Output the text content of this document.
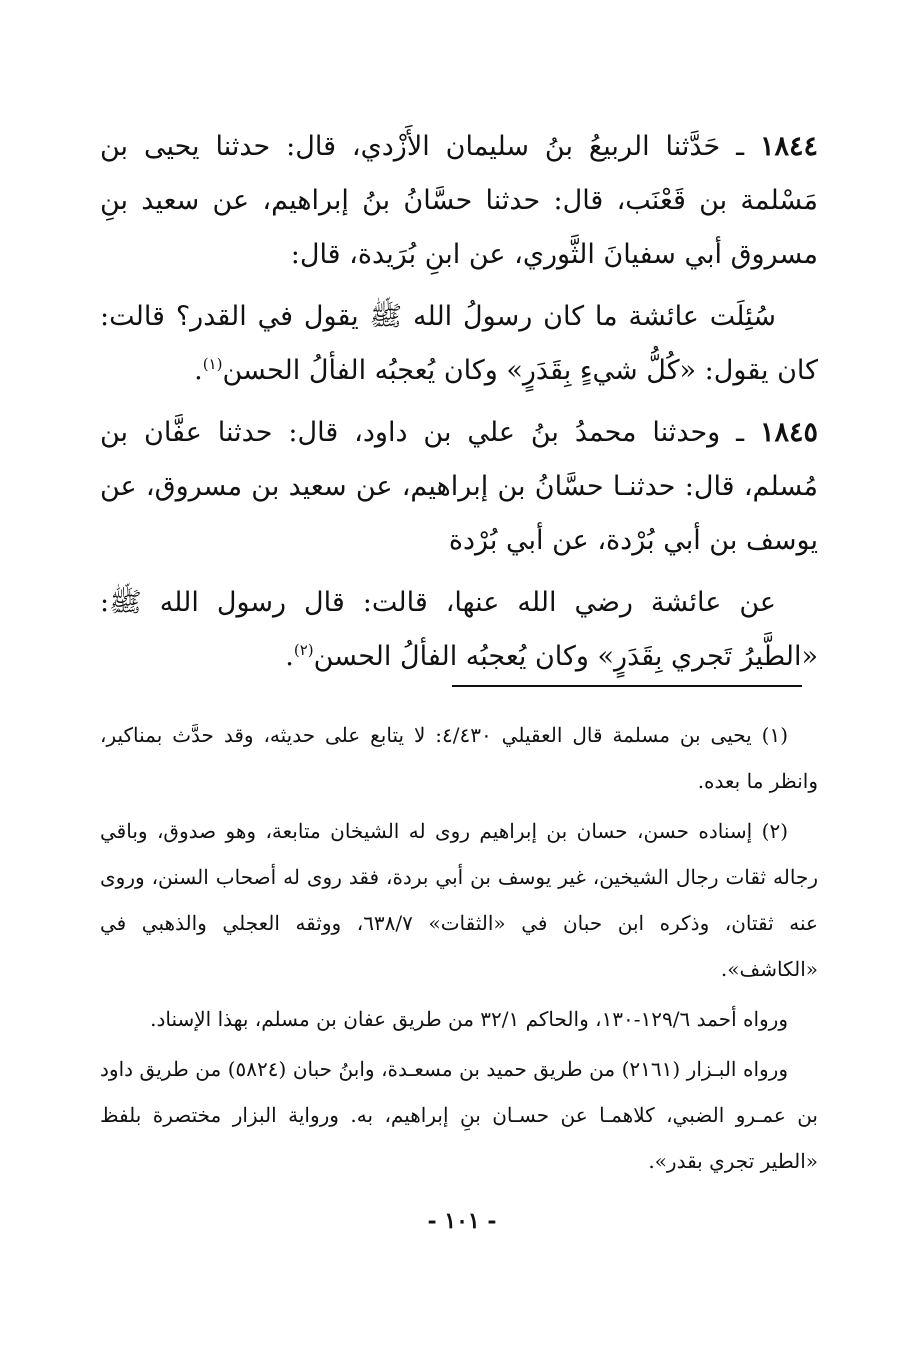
١٨٤٤ ـ حَدَّثنا الربيعُ بنُ سليمان الأَزْدي، قال: حدثنا يحيى بن مَسْلمة بن قَعْنَب، قال: حدثنا حسَّانُ بنُ إبراهيم، عن سعيد بنِ مسروق أبي سفيانَ الثَّوري، عن ابنِ بُرَيدة، قال:

سُئِلَت عائشة ما كان رسولُ الله ﷺ يقول في القدر؟ قالت: كان يقول: «كُلُّ شيءٍ بِقَدَرٍ» وكان يُعجبُه الفألُ الحسن$^{(١)}$.

١٨٤٥ ـ وحدثنا محمدُ بنُ علي بن داود، قال: حدثنا عفَّان بن مُسلم، قال: حدثنـا حسَّانُ بن إبراهيم، عن سعيد بن مسروق، عن يوسف بن أبي بُرْدة، عن أبي بُرْدة

عن عائشة رضي الله عنها، قالت: قال رسول الله ﷺ: «الطَّيرُ تَجري بِقَدَرٍ» وكان يُعجبُه الفألُ الحسن$^{(٢)}$.

(١) يحيى بن مسلمة قال العقيلي ٤/٤٣٠: لا يتابع على حديثه، وقد حدَّث بمناكير، وانظر ما بعده.

(٢) إسناده حسن، حسان بن إبراهيم روى له الشيخان متابعة، وهو صدوق، وباقي رجاله ثقات رجال الشيخين، غير يوسف بن أبي بردة، فقد روى له أصحاب السنن، وروى عنه ثقتان، وذكره ابن حبان في «الثقات» ٦٣٨/٧، ووثقه العجلي والذهبي في «الكاشف».

ورواه أحمد ١٢٩/٦-١٣٠، والحاكم ٣٢/١ من طريق عفان بن مسلم، بهذا الإسناد.

ورواه البـزار (٢١٦١) من طريق حميد بن مسعـدة، وابنُ حبان (٥٨٢٤) من طريق داود بن عمـرو الضبي، كلاهمـا عن حسـان بنِ إبراهيم، به. ورواية البزار مختصرة بلفظ «الطير تجري بقدر».

- ١٠١ -
